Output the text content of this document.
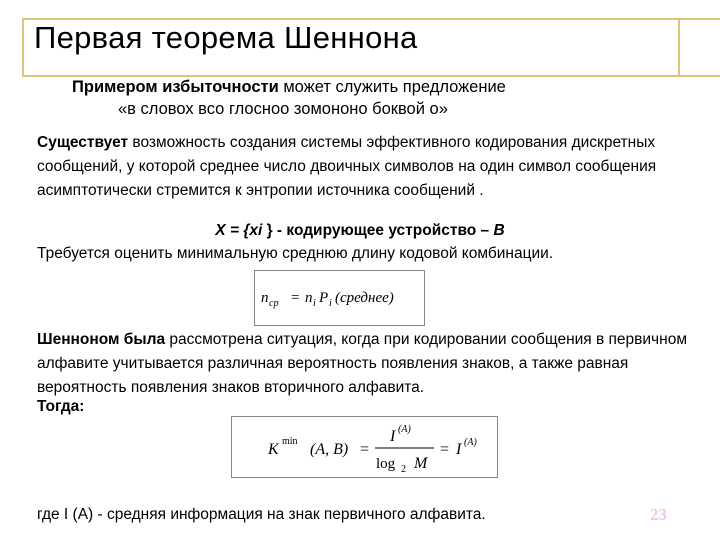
Первая теорема Шеннона
Примером избыточности может служить предложение
«в словох всо глосноо зомононо боквой о»

Существует возможность создания системы эффективного кодирования дискретных сообщений, у которой среднее число двоичных символов на один символ сообщения асимптотически стремится к энтропии источника сообщений .

X = {xi } - кодирующее устройство – B
Требуется оценить минимальную среднюю длину кодовой комбинации.
n ср = n i P i (среднее)

Шенноном была рассмотрена ситуация, когда при кодировании сообщения в первичном алфавите учитывается различная вероятность появления знаков, а также равная вероятность появления знаков вторичного алфавита.

Тогда:
K min (A, B) =
I (A)
log 2 M
= I (A)
где I (A) - средняя информация на знак первичного алфавита.	23
